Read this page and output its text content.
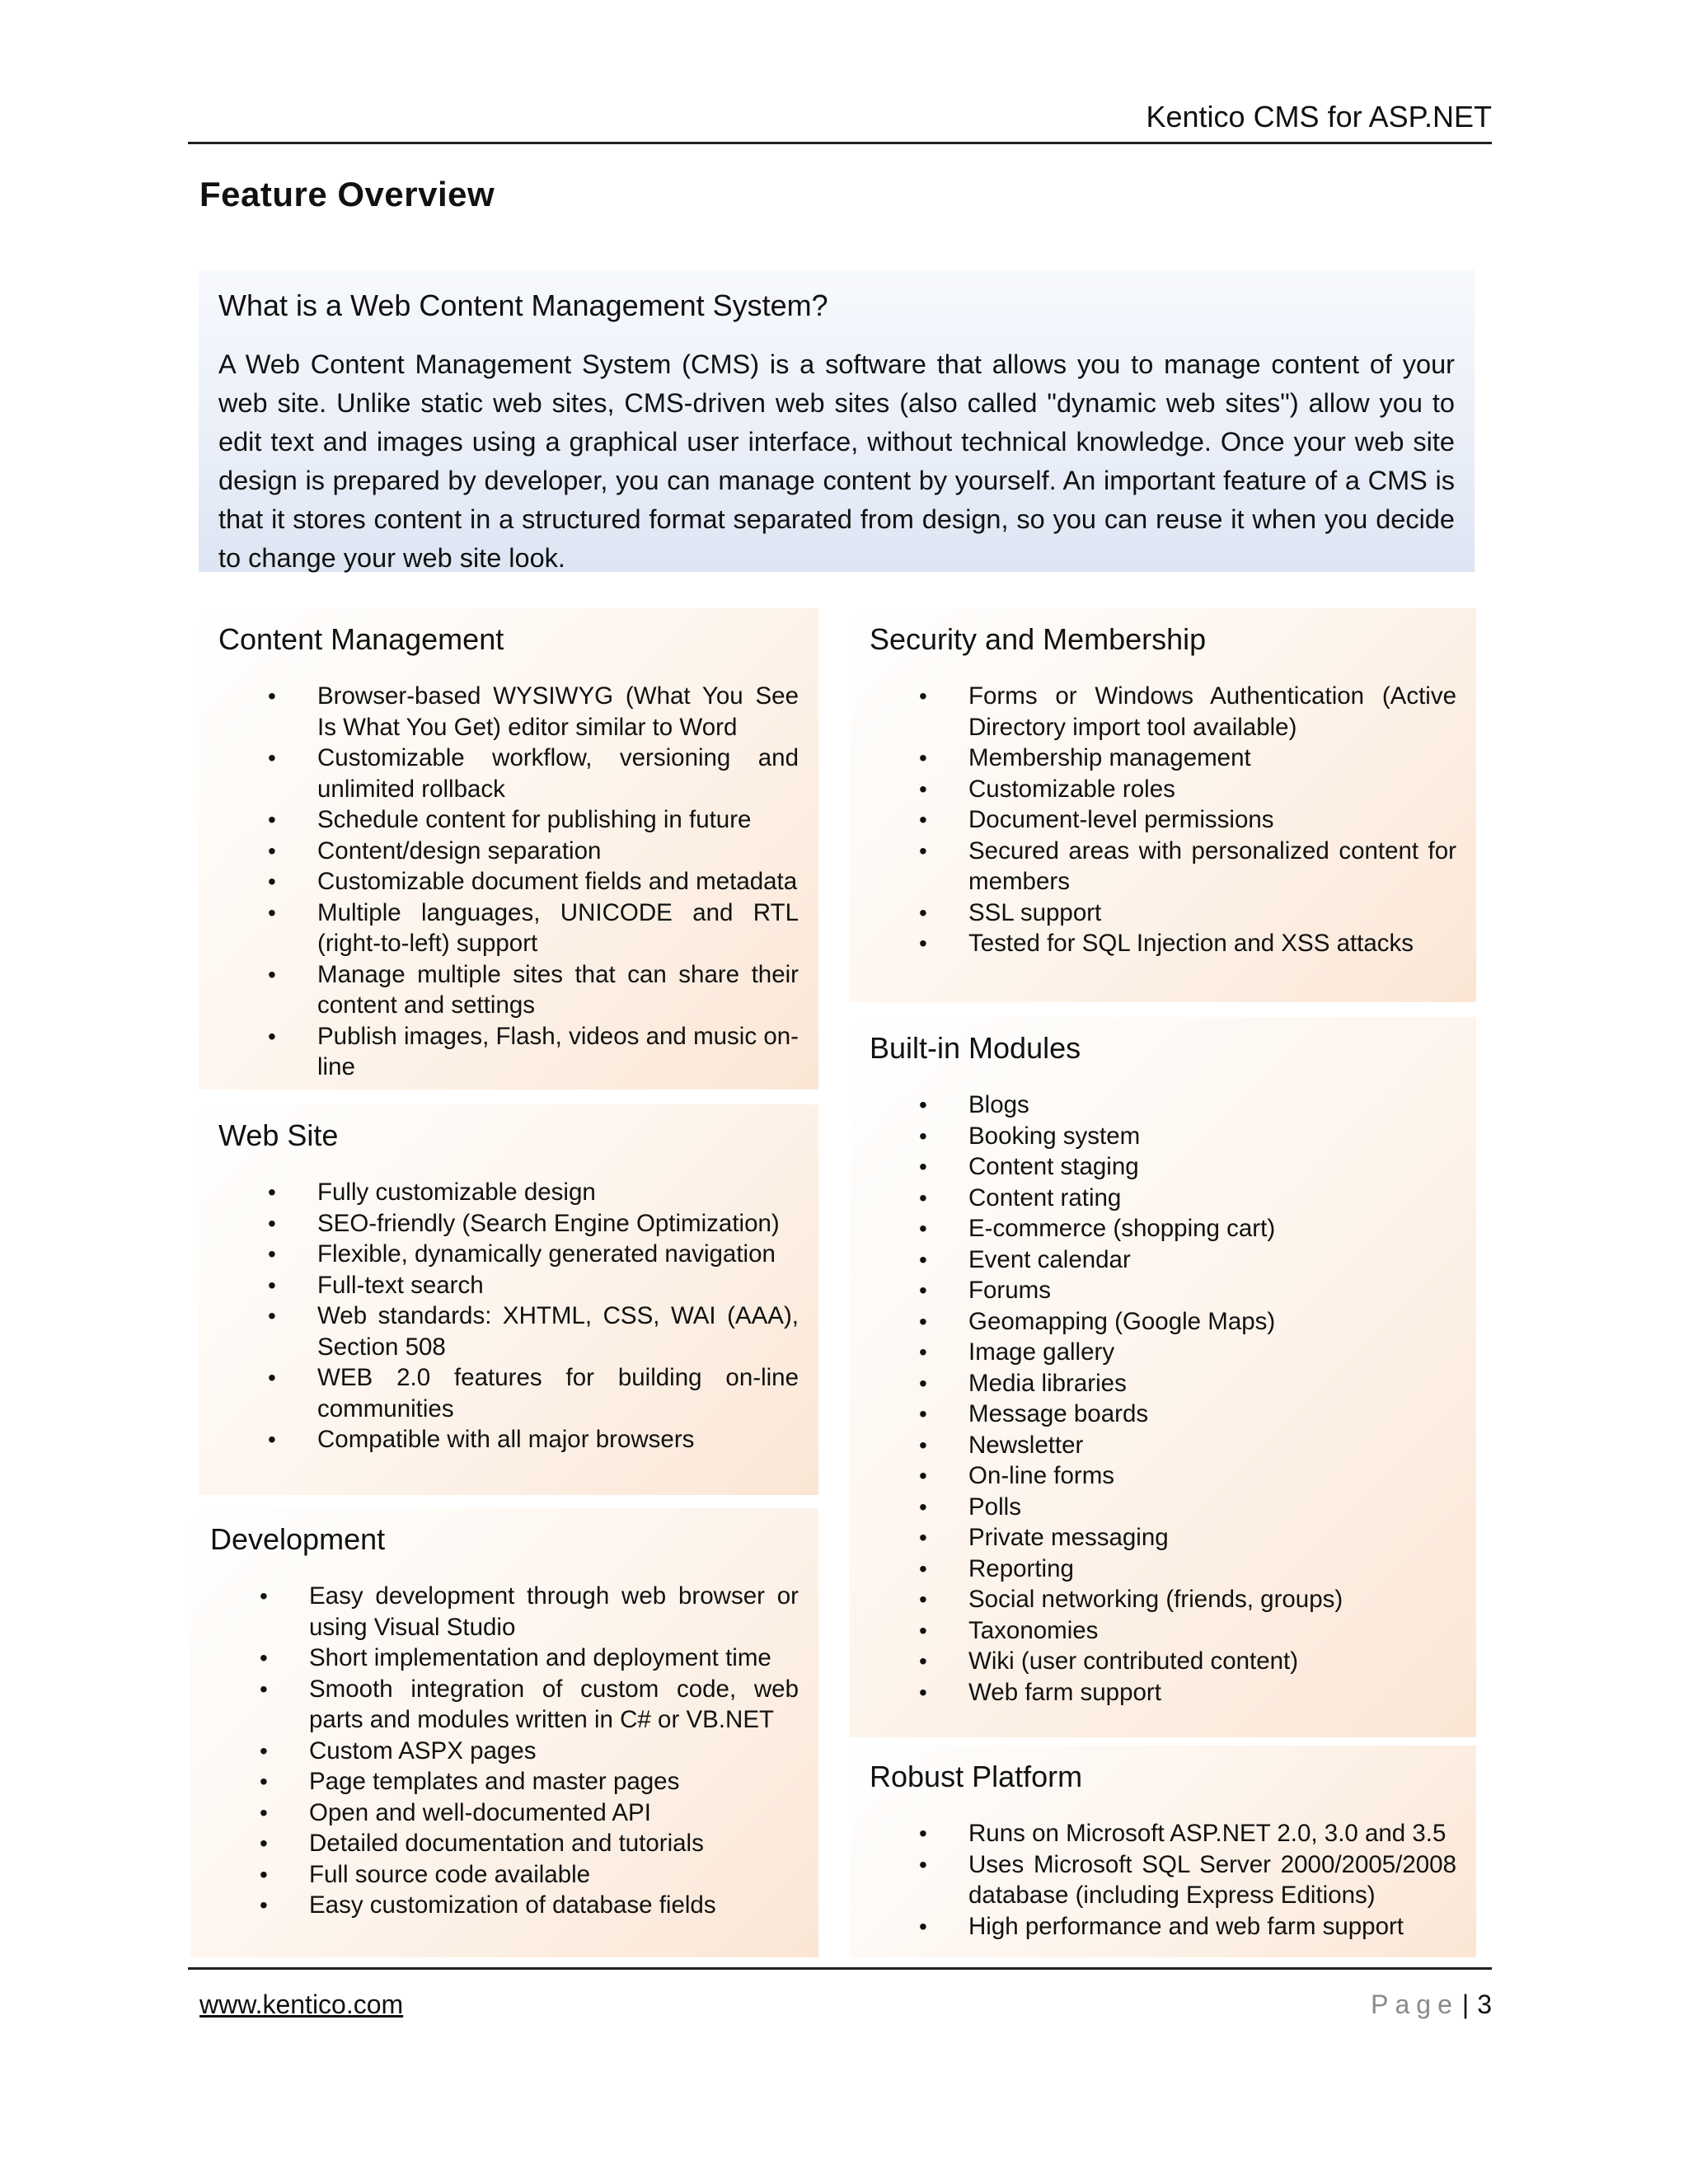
Kentico CMS for ASP.NET
Feature Overview
What is a Web Content Management System?

A Web Content Management System (CMS) is a software that allows you to manage content of your web site. Unlike static web sites, CMS-driven web sites (also called "dynamic web sites") allow you to edit text and images using a graphical user interface, without technical knowledge. Once your web site design is prepared by developer, you can manage content by yourself. An important feature of a CMS is that it stores content in a structured format separated from design, so you can reuse it when you decide to change your web site look.

Content Management
• Browser-based WYSIWYG (What You See Is What You Get) editor similar to Word
• Customizable workflow, versioning and unlimited rollback
• Schedule content for publishing in future
• Content/design separation
• Customizable document fields and metadata
• Multiple languages, UNICODE and RTL (right-to-left) support
• Manage multiple sites that can share their content and settings
• Publish images, Flash, videos and music on-line
Web Site
• Fully customizable design
• SEO-friendly (Search Engine Optimization)
• Flexible, dynamically generated navigation
• Full-text search
• Web standards: XHTML, CSS, WAI (AAA), Section 508
• WEB 2.0 features for building on-line communities
• Compatible with all major browsers
Development
• Easy development through web browser or using Visual Studio
• Short implementation and deployment time
• Smooth integration of custom code, web parts and modules written in C# or VB.NET
• Custom ASPX pages
• Page templates and master pages
• Open and well-documented API
• Detailed documentation and tutorials
• Full source code available
• Easy customization of database fields
Security and Membership
• Forms or Windows Authentication (Active Directory import tool available)
• Membership management
• Customizable roles
• Document-level permissions
• Secured areas with personalized content for members
• SSL support
• Tested for SQL Injection and XSS attacks
Built-in Modules
• Blogs
• Booking system
• Content staging
• Content rating
• E-commerce (shopping cart)
• Event calendar
• Forums
• Geomapping (Google Maps)
• Image gallery
• Media libraries
• Message boards
• Newsletter
• On-line forms
• Polls
• Private messaging
• Reporting
• Social networking (friends, groups)
• Taxonomies
• Wiki (user contributed content)
• Web farm support
Robust Platform
• Runs on Microsoft ASP.NET 2.0, 3.0 and 3.5
• Uses Microsoft SQL Server 2000/2005/2008 database (including Express Editions)
• High performance and web farm support
www.kentico.com	Page | 3
